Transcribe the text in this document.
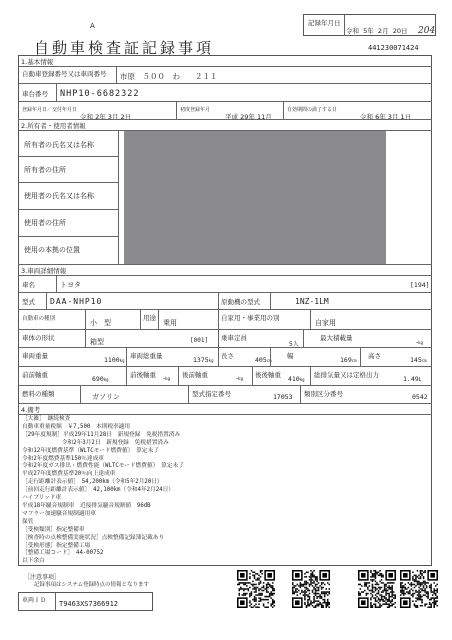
A	204
記録年月日
令和 5年 2月 20日
自動車検査証記録事項	441230071424
1.基本情報
自動車登録番号又は車両番号 市原　５００　わ　　２１１
車台番号 NHP10-6682322
登録年月日／交付年月日
令和 2年 3月 2日
初度登録年月
平成 29年 11月
有効期間の満了する日
令和 6年 3月 1日
2.所有者・使用者情報
所有者の氏名又は名称
所有者の住所
使用者の氏名又は名称
使用者の住所
使用の本拠の位置
3.車両詳細情報
車名	トヨタ	[194]
型式 DAA-NHP10	原動機の型式	1NZ-1LM
自動車の種別	小　型
用途
乗用
自家用・事業用の別
自家用
車体の形状	箱型	[001] 乗車定員
5人
最大積載量
-kg
車両重量	1100kg
車両総重量	1375kg
長さ	405cm
幅	169cm
高さ	145cm
前前軸重	690kg
前後軸重 -kg 後前軸重	-kg 後後軸重 410kg
総排気量又は定格出力	1.49L
燃料の種類	ガソリン	型式指定番号	17053 類別区分番号	0542
4.備考
［大雑］　継続検査
自動車重量税額　￥7,500　本則税率適用
［29年度規制］平成29年11月28日　新規登録　免税措置済み
　　　　　　　令和2年3月2日　新規登録　免税措置済み
令和12年度燃費基準（WLTCモード燃費値）　算定未了
令和2年度燃費基準150％達成車
令和2年度ガス排出・燃費性能（WLTCモード燃費値）　算定未了
平成27年度燃費基準20％向上達成車
［走行距離計表示値］　54,200km（令和5年2月20日）
［前回走行距離計表示値］　42,100km（令和4年2月24日）
ハイブリッド車
平成18年騒音規制車　近接排気騒音規制値　96dB
マフラー加速騒音規制適用車
保管
［受検類別］指定整備車
［検査時の点検整備実施状況］点検整備記録簿記載あり
［受検形態］指定整備工場
［整備工場コード］　44-00752
以下余白
［注意事項］
記録事項はシステム登録時点の情報となります
車両ＩＤ T9463XS7366912
